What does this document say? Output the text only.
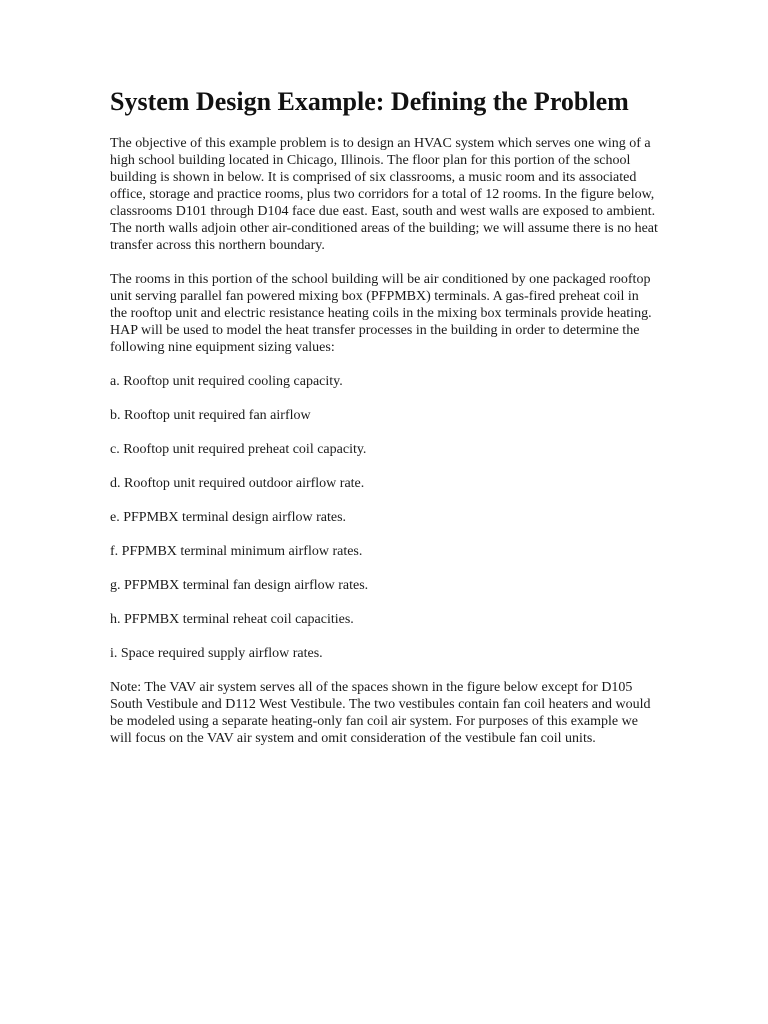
System Design Example: Defining the Problem

The objective of this example problem is to design an HVAC system which serves one wing of a high school building located in Chicago, Illinois. The floor plan for this portion of the school building is shown in below. It is comprised of six classrooms, a music room and its associated office, storage and practice rooms, plus two corridors for a total of 12 rooms. In the figure below, classrooms D101 through D104 face due east. East, south and west walls are exposed to ambient. The north walls adjoin other air-conditioned areas of the building; we will assume there is no heat transfer across this northern boundary.

The rooms in this portion of the school building will be air conditioned by one packaged rooftop unit serving parallel fan powered mixing box (PFPMBX) terminals. A gas-fired preheat coil in the rooftop unit and electric resistance heating coils in the mixing box terminals provide heating. HAP will be used to model the heat transfer processes in the building in order to determine the following nine equipment sizing values:

a. Rooftop unit required cooling capacity.

b. Rooftop unit required fan airflow

c. Rooftop unit required preheat coil capacity.

d. Rooftop unit required outdoor airflow rate.

e. PFPMBX terminal design airflow rates.

f. PFPMBX terminal minimum airflow rates.

g. PFPMBX terminal fan design airflow rates.

h. PFPMBX terminal reheat coil capacities.

i. Space required supply airflow rates.

Note: The VAV air system serves all of the spaces shown in the figure below except for D105 South Vestibule and D112 West Vestibule. The two vestibules contain fan coil heaters and would be modeled using a separate heating-only fan coil air system. For purposes of this example we will focus on the VAV air system and omit consideration of the vestibule fan coil units.
